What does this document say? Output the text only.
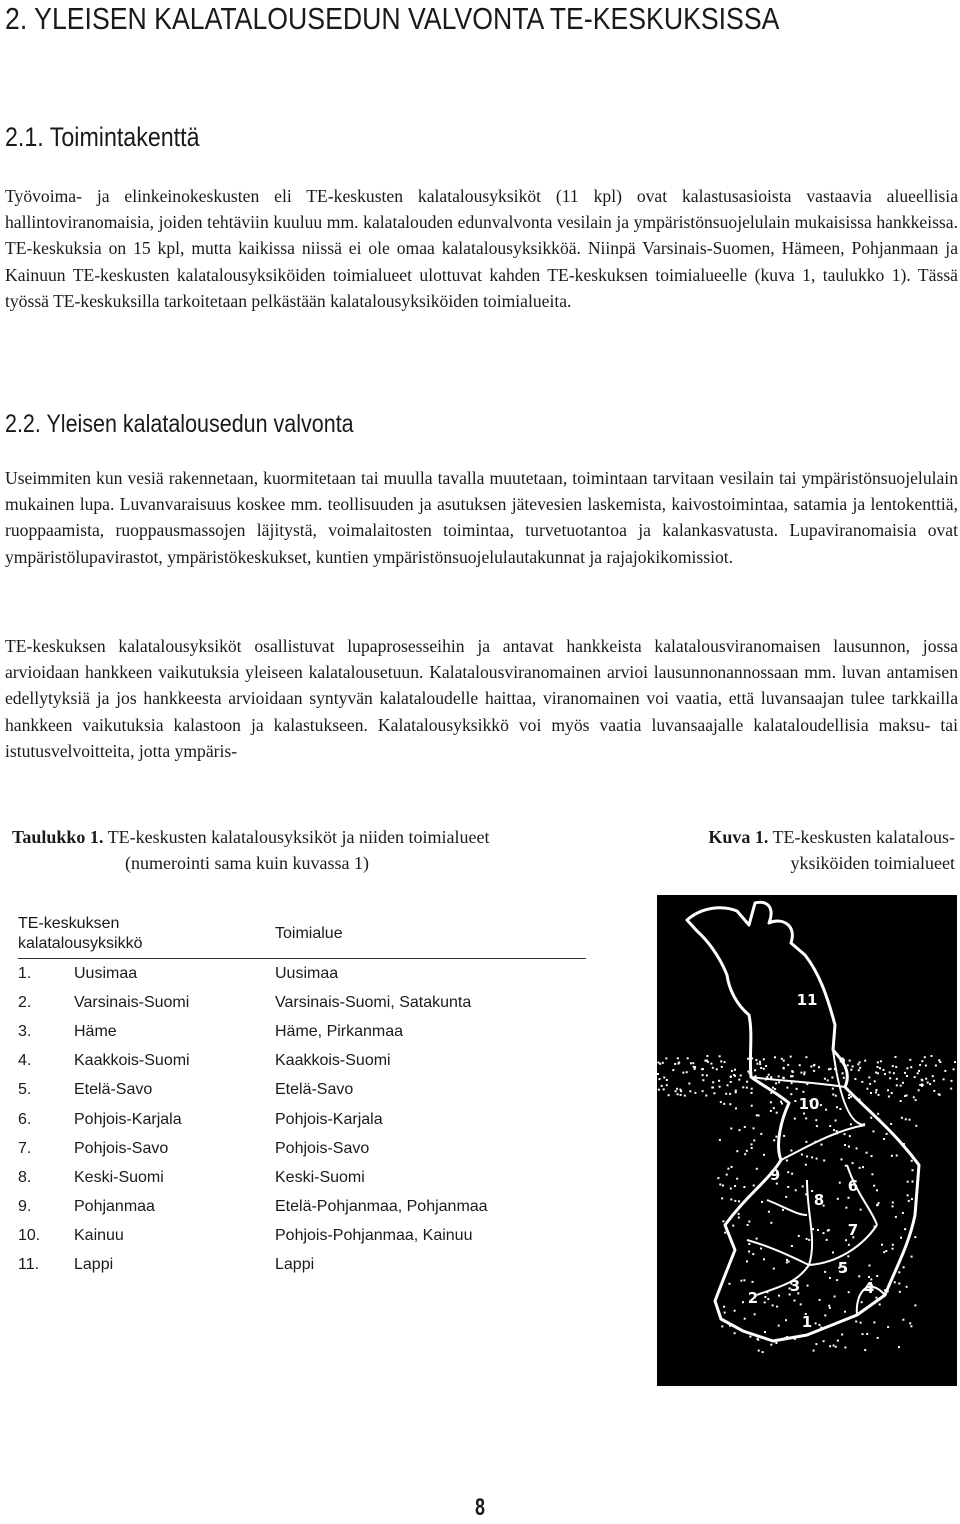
2. YLEISEN KALATALOUSEDUN VALVONTA TE-KESKUKSISSA
2.1. Toimintakenttä

Työvoima- ja elinkeinokeskusten eli TE-keskusten kalatalousyksiköt (11 kpl) ovat kalastusasioista vastaavia alueellisia hallintoviranomaisia, joiden tehtäviin kuuluu mm. kalatalouden edunvalvonta vesilain ja ympäristönsuojelulain mukaisissa hankkeissa. TE-keskuksia on 15 kpl, mutta kaikissa niissä ei ole omaa kalatalousyksikköä. Niinpä Varsinais-Suomen, Hämeen, Pohjanmaan ja Kainuun TE-keskusten kalatalousyksiköiden toimialueet ulottuvat kahden TE-keskuksen toimialueelle (kuva 1, taulukko 1). Tässä työssä TE-keskuksilla tarkoitetaan pelkästään kalatalousyksiköiden toimialueita.

2.2. Yleisen kalatalousedun valvonta

Useimmiten kun vesiä rakennetaan, kuormitetaan tai muulla tavalla muutetaan, toimintaan tarvitaan vesilain tai ympäristönsuojelulain mukainen lupa. Luvanvaraisuus koskee mm. teollisuuden ja asutuksen jätevesien laskemista, kaivostoimintaa, satamia ja lentokenttiä, ruoppaamista, ruoppausmassojen läjitystä, voimalaitosten toimintaa, turvetuotantoa ja kalankasvatusta. Lupaviranomaisia ovat ympäristölupavirastot, ympäristökeskukset, kuntien ympäristönsuojelulautakunnat ja rajajokikomissiot.

TE-keskuksen kalatalousyksiköt osallistuvat lupaprosesseihin ja antavat hankkeista kalatalousviranomaisen lausunnon, jossa arvioidaan hankkeen vaikutuksia yleiseen kalatalousetuun. Kalatalousviranomainen arvioi lausunnonannossaan mm. luvan antamisen edellytyksiä ja jos hankkeesta arvioidaan syntyvän kalataloudelle haittaa, viranomainen voi vaatia, että luvansaajan tulee tarkkailla hankkeen vaikutuksia kalastoon ja kalastukseen. Kalatalousyksikkö voi myös vaatia luvansaajalle kalataloudellisia maksu- tai istutusvelvoitteita, jotta ympäris-

Taulukko 1. TE-keskusten kalatalousyksiköt ja niiden toimialueet
(numerointi sama kuin kuvassa 1)
Kuva 1. TE-keskusten kalatalous-
yksiköiden toimialueet
TE-keskuksen
kalatalousyksikkö		Toimialue
1.	Uusimaa	Uusimaa
2.	Varsinais-Suomi	Varsinais-Suomi, Satakunta
3.	Häme	Häme, Pirkanmaa
4.	Kaakkois-Suomi	Kaakkois-Suomi
5.	Etelä-Savo	Etelä-Savo
6.	Pohjois-Karjala	Pohjois-Karjala
7.	Pohjois-Savo	Pohjois-Savo
8.	Keski-Suomi	Keski-Suomi
9.	Pohjanmaa	Etelä-Pohjanmaa, Pohjanmaa
10.	Kainuu	Pohjois-Pohjanmaa, Kainuu
11.	Lappi	Lappi
11
10
9
8
6
7
5
4
3
2
1
8
